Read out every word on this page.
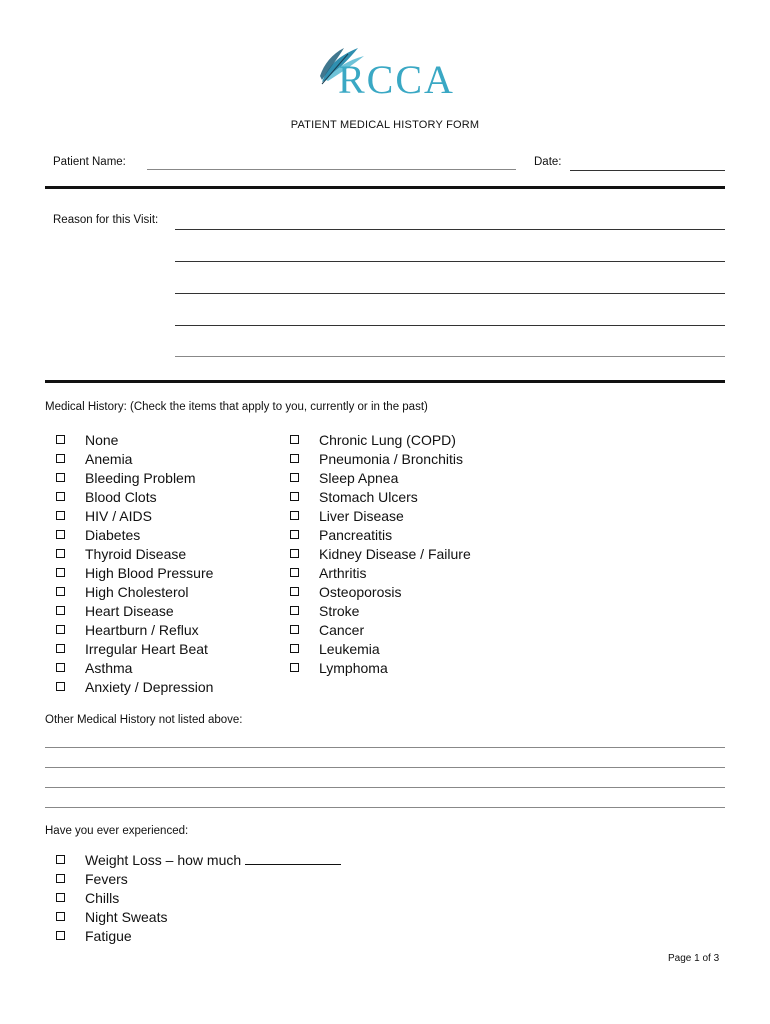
RCCA
PATIENT MEDICAL HISTORY FORM
Patient Name:	Date:
Reason for this Visit:
Medical History: (Check the items that apply to you, currently or in the past)
None
Anemia
Bleeding Problem
Blood Clots
HIV / AIDS
Diabetes
Thyroid Disease
High Blood Pressure
High Cholesterol
Heart Disease
Heartburn / Reflux
Irregular Heart Beat
Asthma
Anxiety / Depression
Chronic Lung (COPD)
Pneumonia / Bronchitis
Sleep Apnea
Stomach Ulcers
Liver Disease
Pancreatitis
Kidney Disease / Failure
Arthritis
Osteoporosis
Stroke
Cancer
Leukemia
Lymphoma
Other Medical History not listed above:
Have you ever experienced:
Weight Loss – how much
Fevers
Chills
Night Sweats
Fatigue
Page 1 of 3
